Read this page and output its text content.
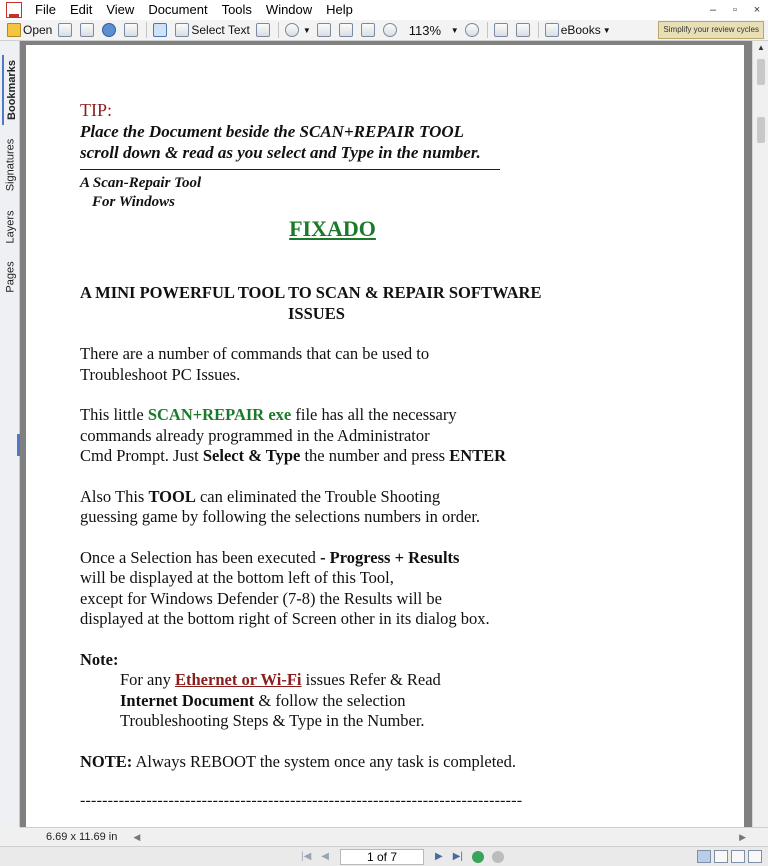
File	Edit	View	Document	Tools	Window	Help	–	▫	×
Open	Select Text	▼	113%	▼	eBooks ▼	Simplify your review cycles
Bookmarks
Signatures
Layers
Pages
TIP:
Place the Document beside the SCAN+REPAIR TOOL
scroll down & read as you select and Type in the number.
A Scan-Repair Tool
For Windows
FIXADO
A MINI POWERFUL TOOL TO SCAN & REPAIR SOFTWARE
ISSUES
There are a number of commands that can be used to
Troubleshoot PC Issues.
This little SCAN+REPAIR exe file has all the necessary
commands already programmed in the Administrator
Cmd Prompt. Just Select & Type the number and press ENTER
Also This TOOL can eliminated the Trouble Shooting
guessing game by following the selections numbers in order.
Once a Selection has been executed - Progress + Results
will be displayed at the bottom left of this Tool,
except for Windows Defender (7-8) the Results will be
displayed at the bottom right of Screen other in its dialog box.
Note:
For any Ethernet or Wi-Fi issues Refer & Read
Internet Document & follow the selection
Troubleshooting Steps & Type in the Number.
NOTE: Always REBOOT the system once any task is completed.
--------------------------------------------------------------------------------
▲
6.69 x 11.69 in ◀	▶
|◀	◀	1 of 7	▶	▶|
